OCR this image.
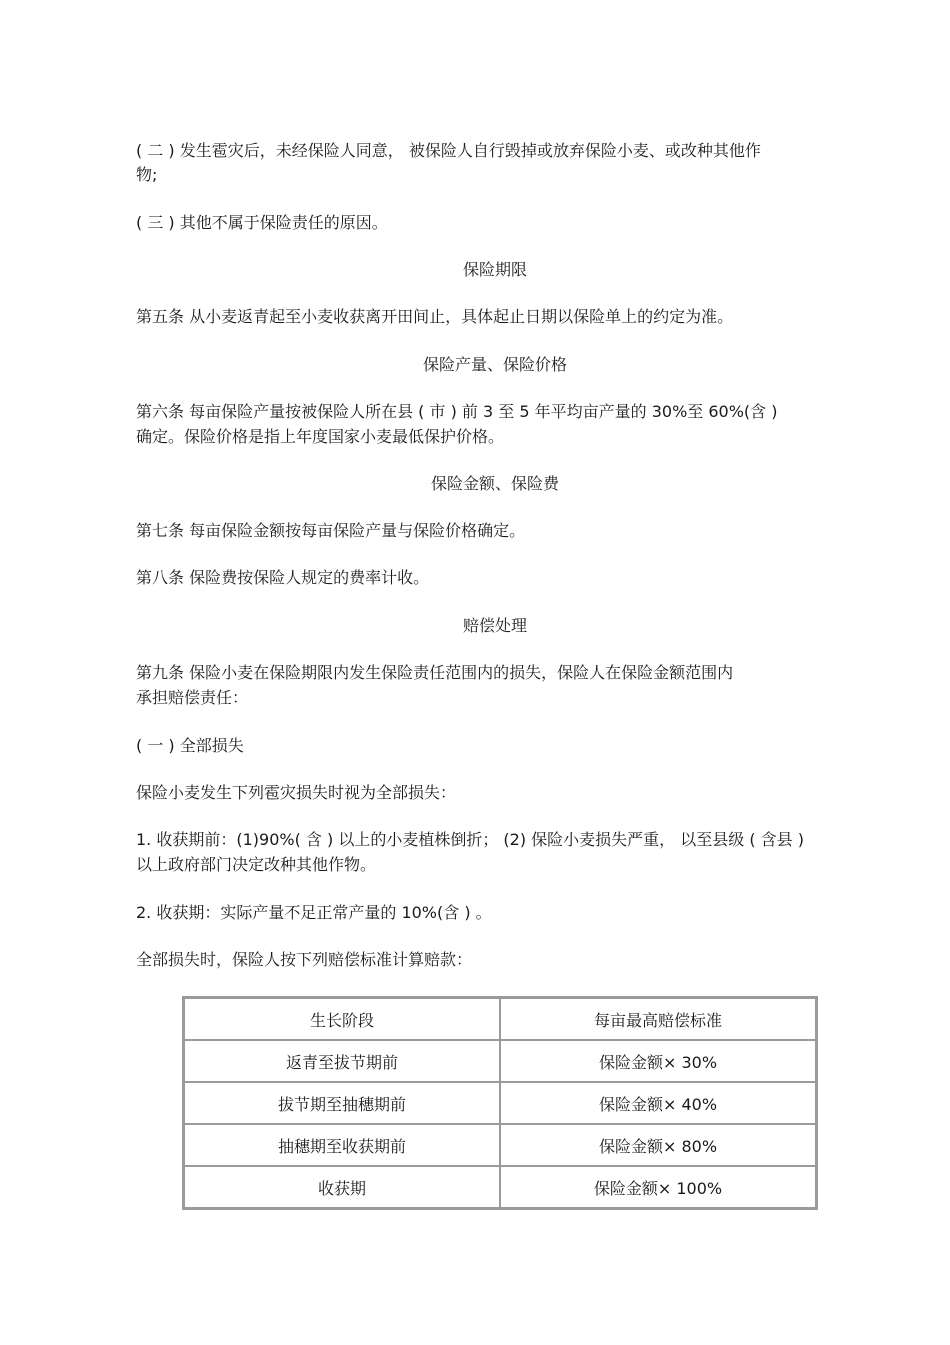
( 二 ) 发生雹灾后，未经保险人同意， 被保险人自行毁掉或放弃保险小麦、或改种其他作
物;
( 三 ) 其他不属于保险责任的原因。
保险期限
第五条 从小麦返青起至小麦收获离开田间止，具体起止日期以保险单上的约定为准。
保险产量、保险价格
第六条 每亩保险产量按被保险人所在县 ( 市 ) 前 3 至 5 年平均亩产量的 30%至 60%(含 )
确定。保险价格是指上年度国家小麦最低保护价格。
保险金额、保险费
第七条 每亩保险金额按每亩保险产量与保险价格确定。
第八条 保险费按保险人规定的费率计收。
赔偿处理
第九条 保险小麦在保险期限内发生保险责任范围内的损失，保险人在保险金额范围内
承担赔偿责任：
( 一 ) 全部损失
保险小麦发生下列雹灾损失时视为全部损失：
1. 收获期前：(1)90%( 含 ) 以上的小麦植株倒折； (2) 保险小麦损失严重， 以至县级 ( 含县 )
以上政府部门决定改种其他作物。
2. 收获期：实际产量不足正常产量的 10%(含 ) 。
全部损失时，保险人按下列赔偿标准计算赔款：
生长阶段	每亩最高赔偿标准
返青至拔节期前	保险金额× 30%
拔节期至抽穗期前	保险金额× 40%
抽穗期至收获期前	保险金额× 80%
收获期	保险金额× 100%
